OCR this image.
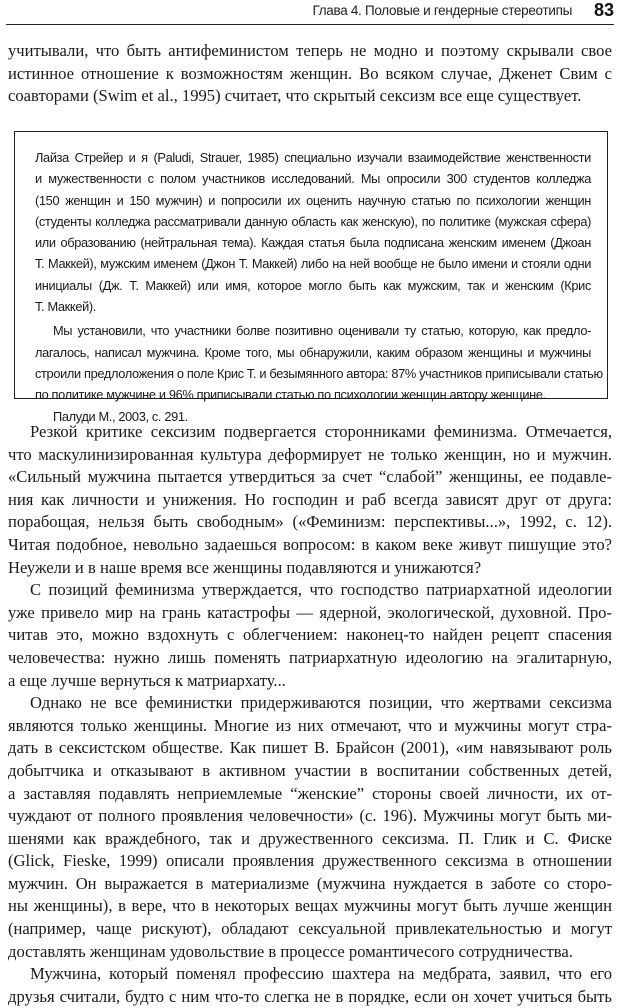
Глава 4. Половые и гендерные стереотипы 83
учитывали, что быть антифеминистом теперь не модно и поэтому скрывали свое
истинное отношение к возможностям женщин. Во всяком случае, Дженет Свим с
соавторами (Swim et al., 1995) считает, что скрытый сексизм все еще существует.
Лайза Стрейер и я (Paludi, Strauer, 1985) специально изучали взаимодействие женственности
и мужественности с полом участников исследований. Мы опросили 300 студентов колледжа
(150 женщин и 150 мужчин) и попросили их оценить научную статью по психологии женщин
(студенты колледжа рассматривали данную область как женскую), по политике (мужская сфера)
или образованию (нейтральная тема). Каждая статья была подписана женским именем (Джоан
Т. Маккей), мужским именем (Джон Т. Маккей) либо на ней вообще не было имени и стояли одни
инициалы (Дж. Т. Маккей) или имя, которое могло быть как мужским, так и женским (Крис
Т. Маккей).
Мы установили, что участники болве позитивно оценивали ту статью, которую, как предло-
лагалось, написал мужчина. Кроме того, мы обнаружили, каким образом женщины и мужчины
строили предлоложения о поле Крис Т. и безымянного автора: 87% участников приписывали статью
по политике мужчине и 96% приписывали статью по психологии женщин автору женщине.
Палуди М., 2003, с. 291.
Резкой критике сексизим подвергается сторонниками феминизма. Отмечается,
что маскулинизированная культура деформирует не только женщин, но и мужчин.
«Сильный мужчина пытается утвердиться за счет “слабой” женщины, ее подавле-
ния как личности и унижения. Но господин и раб всегда зависят друг от друга:
порабощая, нельзя быть свободным» («Феминизм: перспективы...», 1992, с. 12).
Читая подобное, невольно задаешься вопросом: в каком веке живут пишущие это?
Неужели и в наше время все женщины подавляются и унижаются?
С позиций феминизма утверждается, что господство патриархатной идеологии
уже привело мир на грань катастрофы — ядерной, экологической, духовной. Про-
читав это, можно вздохнуть с облегчением: наконец-то найден рецепт спасения
человечества: нужно лишь поменять патриархатную идеологию на эгалитарную,
а еще лучше вернуться к матриархату...
Однако не все феминистки придерживаются позиции, что жертвами сексизма
являются только женщины. Многие из них отмечают, что и мужчины могут стра-
дать в сексистском обществе. Как пишет В. Брайсон (2001), «им навязывают роль
добытчика и отказывают в активном участии в воспитании собственных детей,
а заставляя подавлять неприемлемые “женские” стороны своей личности, их от-
чуждают от полного проявления человечности» (с. 196). Мужчины могут быть ми-
шенями как враждебного, так и дружественного сексизма. П. Глик и С. Фиске
(Glick, Fieske, 1999) описали проявления дружественного сексизма в отношении
мужчин. Он выражается в материализме (мужчина нуждается в заботе со сторо-
ны женщины), в вере, что в некоторых вещах мужчины могут быть лучше женщин
(например, чаще рискуют), обладают сексуальной привлекательностью и могут
доставлять женщинам удовольствие в процессе романтичесого сотрудничества.
Мужчина, который поменял профессию шахтера на медбрата, заявил, что его
друзья считали, будто с ним что-то слегка не в порядке, если он хочет учиться быть
